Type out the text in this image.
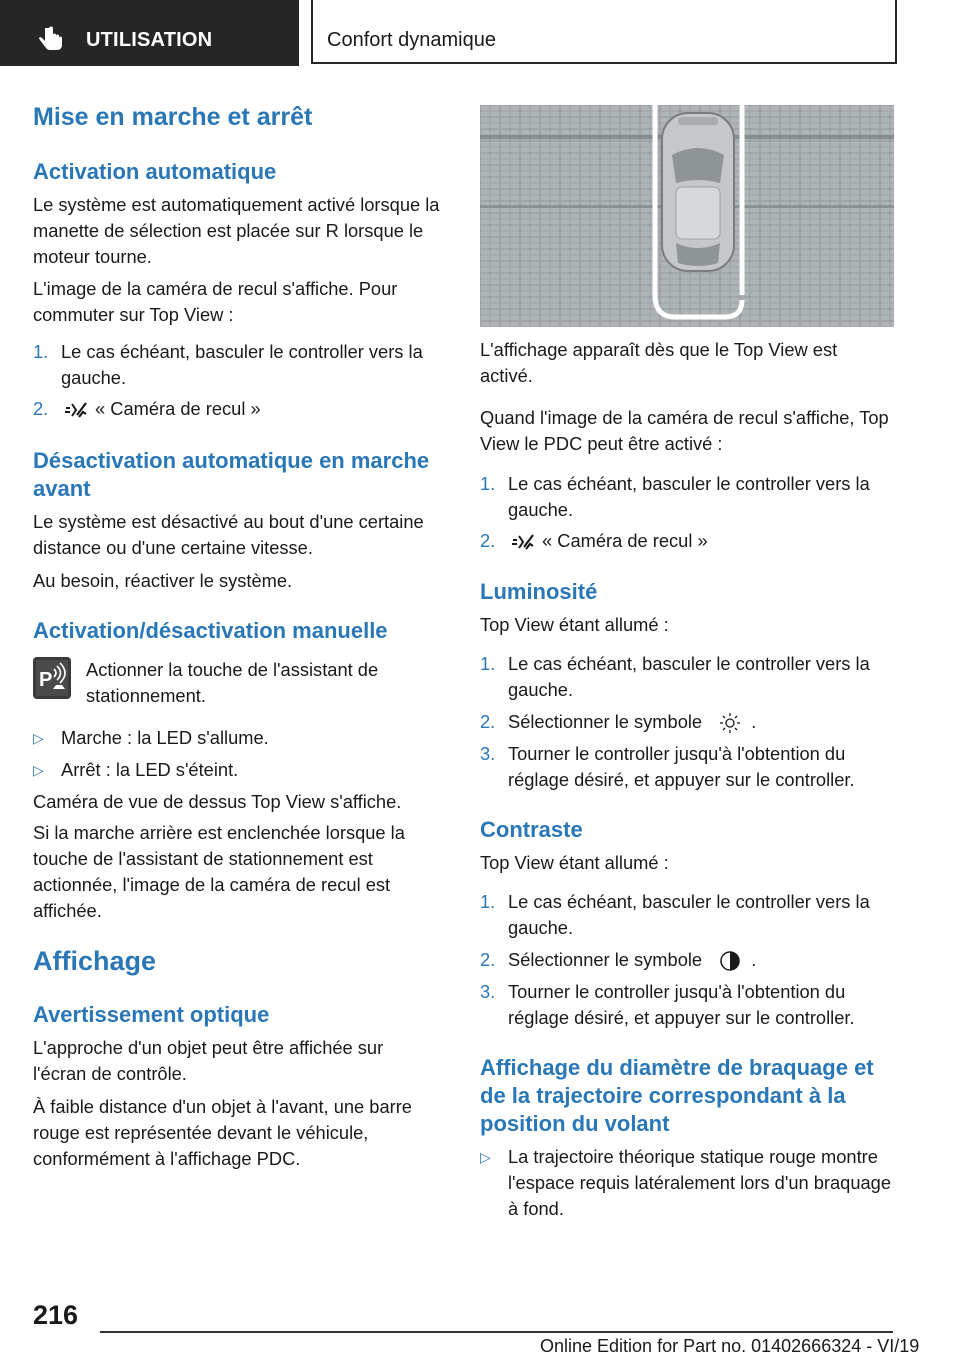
UTILISATION	Confort dynamique
Mise en marche et arrêt
Activation automatique

Le système est automatiquement activé lorsque la manette de sélection est placée sur R lorsque le moteur tourne.

L'image de la caméra de recul s'affiche. Pour commuter sur Top View :

1. Le cas échéant, basculer le controller vers la gauche.

2.	« Caméra de recul »
Désactivation automatique en marche avant

Le système est désactivé au bout d'une certaine distance ou d'une certaine vitesse.

Au besoin, réactiver le système.

Activation/désactivation manuelle
P Actionner la touche de l'assistant de stationnement.

▷ Marche : la LED s'allume.

▷ Arrêt : la LED s'éteint.

Caméra de vue de dessus Top View s'affiche.

Si la marche arrière est enclenchée lorsque la touche de l'assistant de stationnement est actionnée, l'image de la caméra de recul est affichée.

Affichage
Avertissement optique

L'approche d'un objet peut être affichée sur l'écran de contrôle.

À faible distance d'un objet à l'avant, une barre rouge est représentée devant le véhicule, conformément à l'affichage PDC.

L'affichage apparaît dès que le Top View est activé.

Quand l'image de la caméra de recul s'affiche, Top View le PDC peut être activé :

1. Le cas échéant, basculer le controller vers la gauche.

2.	« Caméra de recul »
Luminosité

Top View étant allumé :

1. Le cas échéant, basculer le controller vers la gauche.

2. Sélectionner le symbole	.
3. Tourner le controller jusqu'à l'obtention du réglage désiré, et appuyer sur le controller.

Contraste

Top View étant allumé :

1. Le cas échéant, basculer le controller vers la gauche.

2. Sélectionner le symbole	.
3. Tourner le controller jusqu'à l'obtention du réglage désiré, et appuyer sur le controller.

Affichage du diamètre de braquage et de la trajectoire correspondant à la position du volant
▷ La trajectoire théorique statique rouge montre l'espace requis latéralement lors d'un braquage à fond.

216
Online Edition for Part no. 01402666324 - VI/19
